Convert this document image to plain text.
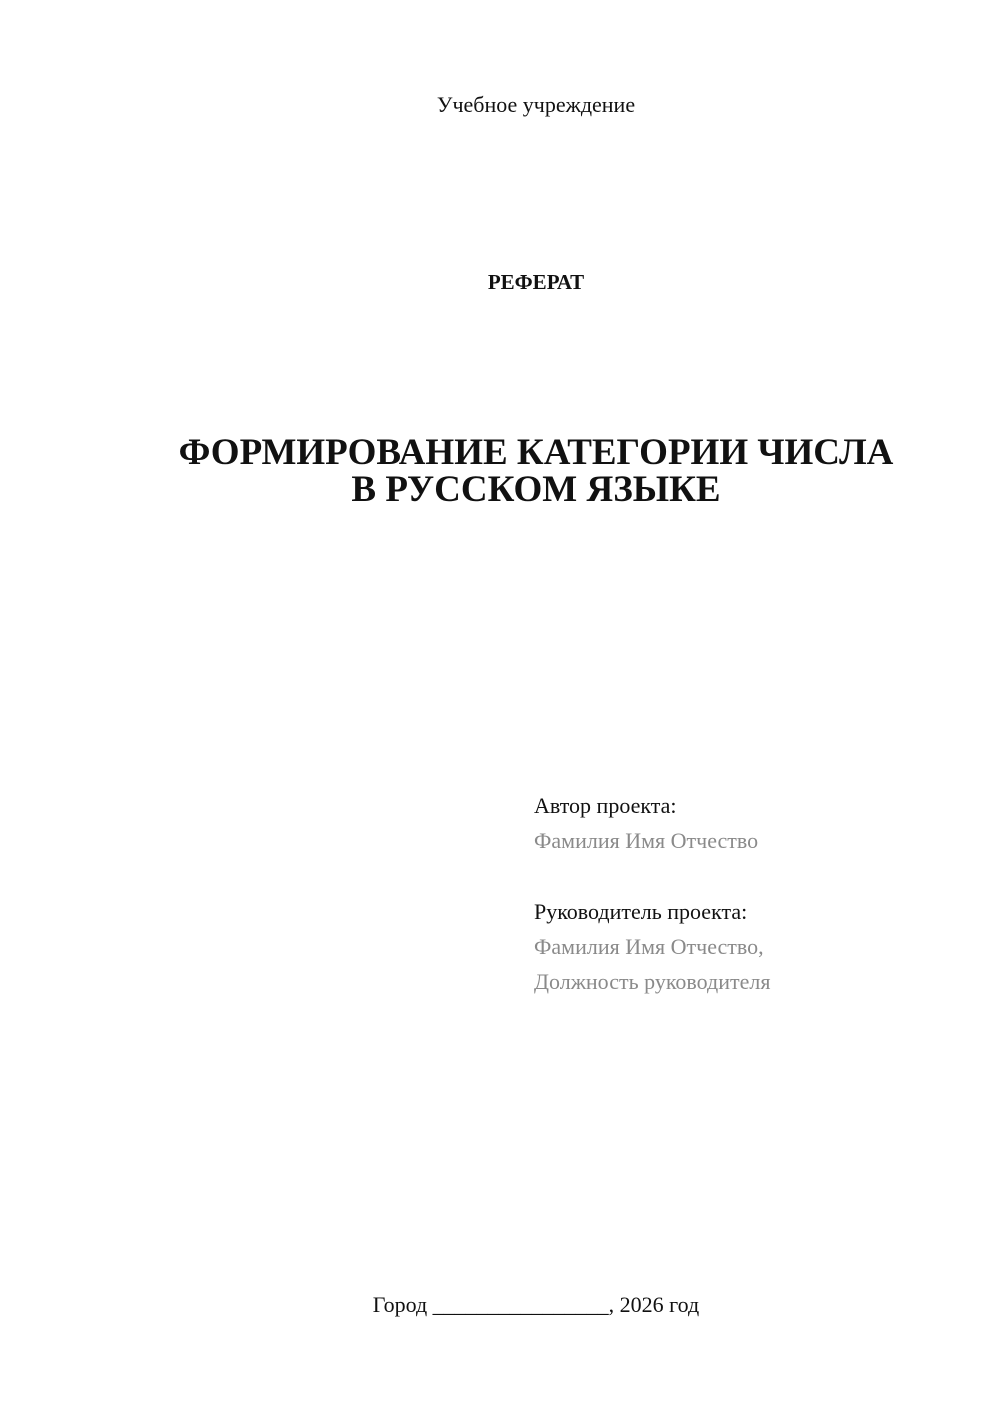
Учебное учреждение
РЕФЕРАТ
ФОРМИРОВАНИЕ КАТЕГОРИИ ЧИСЛА
В РУССКОМ ЯЗЫКЕ
Автор проекта:
Фамилия Имя Отчество
Руководитель проекта:
Фамилия Имя Отчество,
Должность руководителя
Город ________________, 2026 год
